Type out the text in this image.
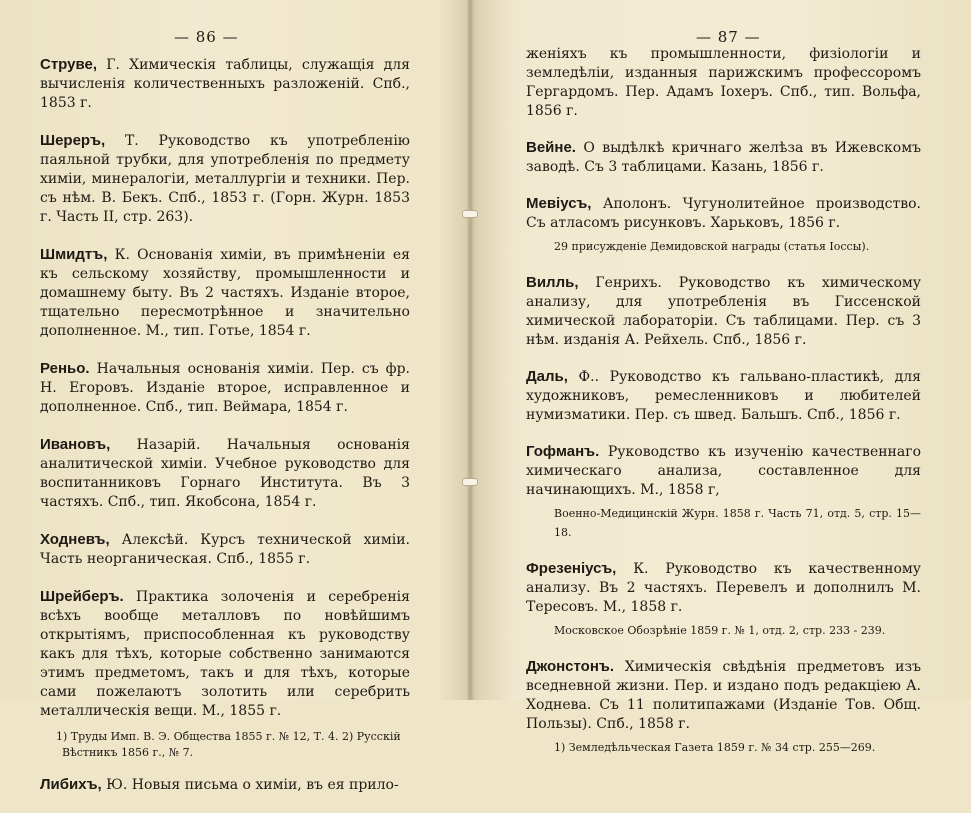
— 86 —

Струве, Г. Химическія таблицы, служащія для вычисленія количественныхъ разложеній. Спб., 1853 г.

Шереръ, Т. Руководство къ употребленію паяльной трубки, для употребленія по предмету химіи, минералогіи, металлургіи и техники. Пер. съ нѣм. В. Бекъ. Спб., 1853 г. (Горн. Журн. 1853 г. Часть II, стр. 263).

Шмидтъ, К. Основанія химіи, въ примѣненіи ея къ сельскому хозяйству, промышленности и домашнему быту. Въ 2 частяхъ. Изданіе второе, тщательно пересмотрѣнное и значительно дополненное. М., тип. Готье, 1854 г.

Реньо. Начальныя основанія химіи. Пер. съ фр. Н. Егоровъ. Изданіе второе, исправленное и дополненное. Спб., тип. Веймара, 1854 г.

Ивановъ, Назарій. Начальныя основанія аналитической химіи. Учебное руководство для воспитанниковъ Горнаго Института. Въ 3 частяхъ. Спб., тип. Якобсона, 1854 г.

Ходневъ, Алексѣй. Курсъ технической химіи. Часть неорганическая. Спб., 1855 г.

Шрейберъ. Практика золоченія и серебренія всѣхъ вообще металловъ по новѣйшимъ открытіямъ, приспособленная къ руководству какъ для тѣхъ, которые собственно занимаются этимъ предметомъ, такъ и для тѣхъ, которые сами пожелаютъ золотить или серебрить металлическія вещи. М., 1855 г.

1) Труды Имп. В. Э. Общества 1855 г. № 12, Т. 4. 2) Русскій Вѣстникъ 1856 г., № 7.

Либихъ, Ю. Новыя письма о химіи, въ ея прило-

— 87 —

женіяхъ къ промышленности, физіологіи и земледѣліи, изданныя парижскимъ профессоромъ Гергардомъ. Пер. Адамъ Іохеръ. Спб., тип. Вольфа, 1856 г.

Вейне. О выдѣлкѣ кричнаго желѣза въ Ижевскомъ заводѣ. Съ 3 таблицами. Казань, 1856 г.

Мевіусъ, Аполонъ. Чугунолитейное производство. Съ атласомъ рисунковъ. Харьковъ, 1856 г.
29 присужденіе Демидовской награды (статья Іоссы).

Вилль, Генрихъ. Руководство къ химическому анализу, для употребленія въ Гиссенской химической лабораторіи. Съ таблицами. Пер. съ 3 нѣм. изданія А. Рейхель. Спб., 1856 г.

Даль, Ф.. Руководство къ гальвано-пластикѣ, для художниковъ, ремесленниковъ и любителей нумизматики. Пер. съ швед. Бальшъ. Спб., 1856 г.

Гофманъ. Руководство къ изученію качественнаго химическаго анализа, составленное для начинающихъ. М., 1858 г,
Военно-Медицинскій Журн. 1858 г. Часть 71, отд. 5, стр. 15—18.

Фрезеніусъ, К. Руководство къ качественному анализу. Въ 2 частяхъ. Перевелъ и дополнилъ М. Тересовъ. М., 1858 г.
Московское Обозрѣніе 1859 г. № 1, отд. 2, стр. 233 - 239.

Джонстонъ. Химическія свѣдѣнія предметовъ изъ вседневной жизни. Пер. и издано подъ редакціею А. Ходнева. Съ 11 политипажами (Изданіе Тов. Общ. Пользы). Спб., 1858 г.
1) Земледѣльческая Газета 1859 г. № 34 стр. 255—269.
